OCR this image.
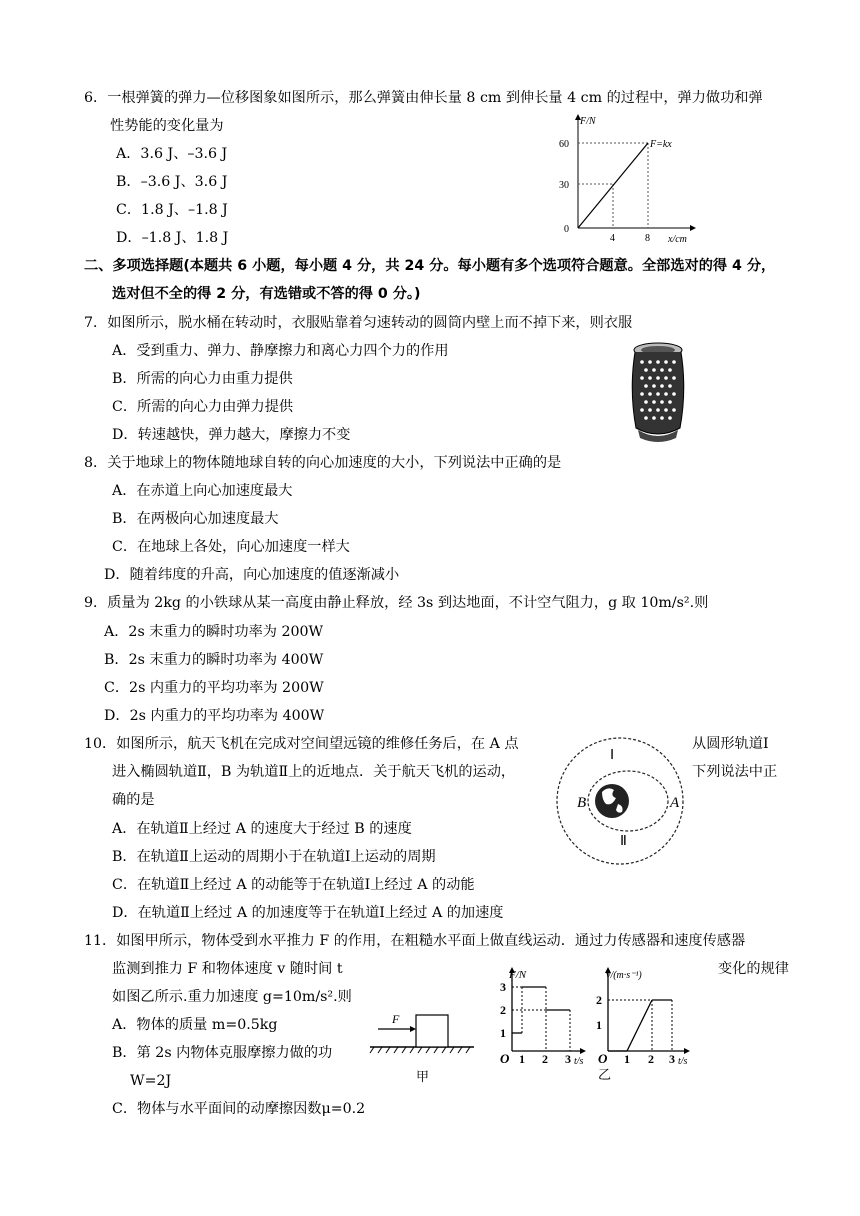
6．一根弹簧的弹力—位移图象如图所示，那么弹簧由伸长量 8 cm 到伸长量 4 cm 的过程中，弹力做功和弹
性势能的变化量为
A．3.6 J、–3.6 J
B．–3.6 J、3.6 J
C．1.8 J、–1.8 J
D．–1.8 J、1.8 J
F/N
x/cm
F=kx
60
30
0
4	8
二、多项选择题(本题共 6 小题，每小题 4 分，共 24 分。每小题有多个选项符合题意。全部选对的得 4 分，
选对但不全的得 2 分，有选错或不答的得 0 分。)
7．如图所示，脱水桶在转动时，衣服贴靠着匀速转动的圆筒内壁上而不掉下来，则衣服
A．受到重力、弹力、静摩擦力和离心力四个力的作用
B．所需的向心力由重力提供
C．所需的向心力由弹力提供
D．转速越快，弹力越大，摩擦力不变
8．关于地球上的物体随地球自转的向心加速度的大小，下列说法中正确的是
A．在赤道上向心加速度最大
B．在两极向心加速度最大
C．在地球上各处，向心加速度一样大
D．随着纬度的升高，向心加速度的值逐渐减小
9．质量为 2kg 的小铁球从某一高度由静止释放，经 3s 到达地面，不计空气阻力，g 取 10m/s².则
A．2s 末重力的瞬时功率为 200W
B．2s 末重力的瞬时功率为 400W
C．2s 内重力的平均功率为 200W
D．2s 内重力的平均功率为 400W
10．如图所示，航天飞机在完成对空间望远镜的维修任务后，在 A 点	从圆形轨道Ⅰ
进入椭圆轨道Ⅱ，B 为轨道Ⅱ上的近地点．关于航天飞机的运动，	下列说法中正
确的是
A．在轨道Ⅱ上经过 A 的速度大于经过 B 的速度
B．在轨道Ⅱ上运动的周期小于在轨道Ⅰ上运动的周期
C．在轨道Ⅱ上经过 A 的动能等于在轨道Ⅰ上经过 A 的动能
D．在轨道Ⅱ上经过 A 的加速度等于在轨道Ⅰ上经过 A 的加速度
Ⅰ
Ⅱ
A
B
11．如图甲所示，物体受到水平推力 F 的作用，在粗糙水平面上做直线运动．通过力传感器和速度传感器
监测到推力 F 和物体速度 v 随时间 t	变化的规律
如图乙所示.重力加速度 g=10m/s².则
A．物体的质量 m=0.5kg
B．第 2s 内物体克服摩擦力做的功
W=2J
C．物体与水平面间的动摩擦因数μ=0.2
F
甲
F/N
t/s
O 1 2 3
1
2
3
v/(m·s⁻¹)
t/s
O 1 2 3
1
2
乙
